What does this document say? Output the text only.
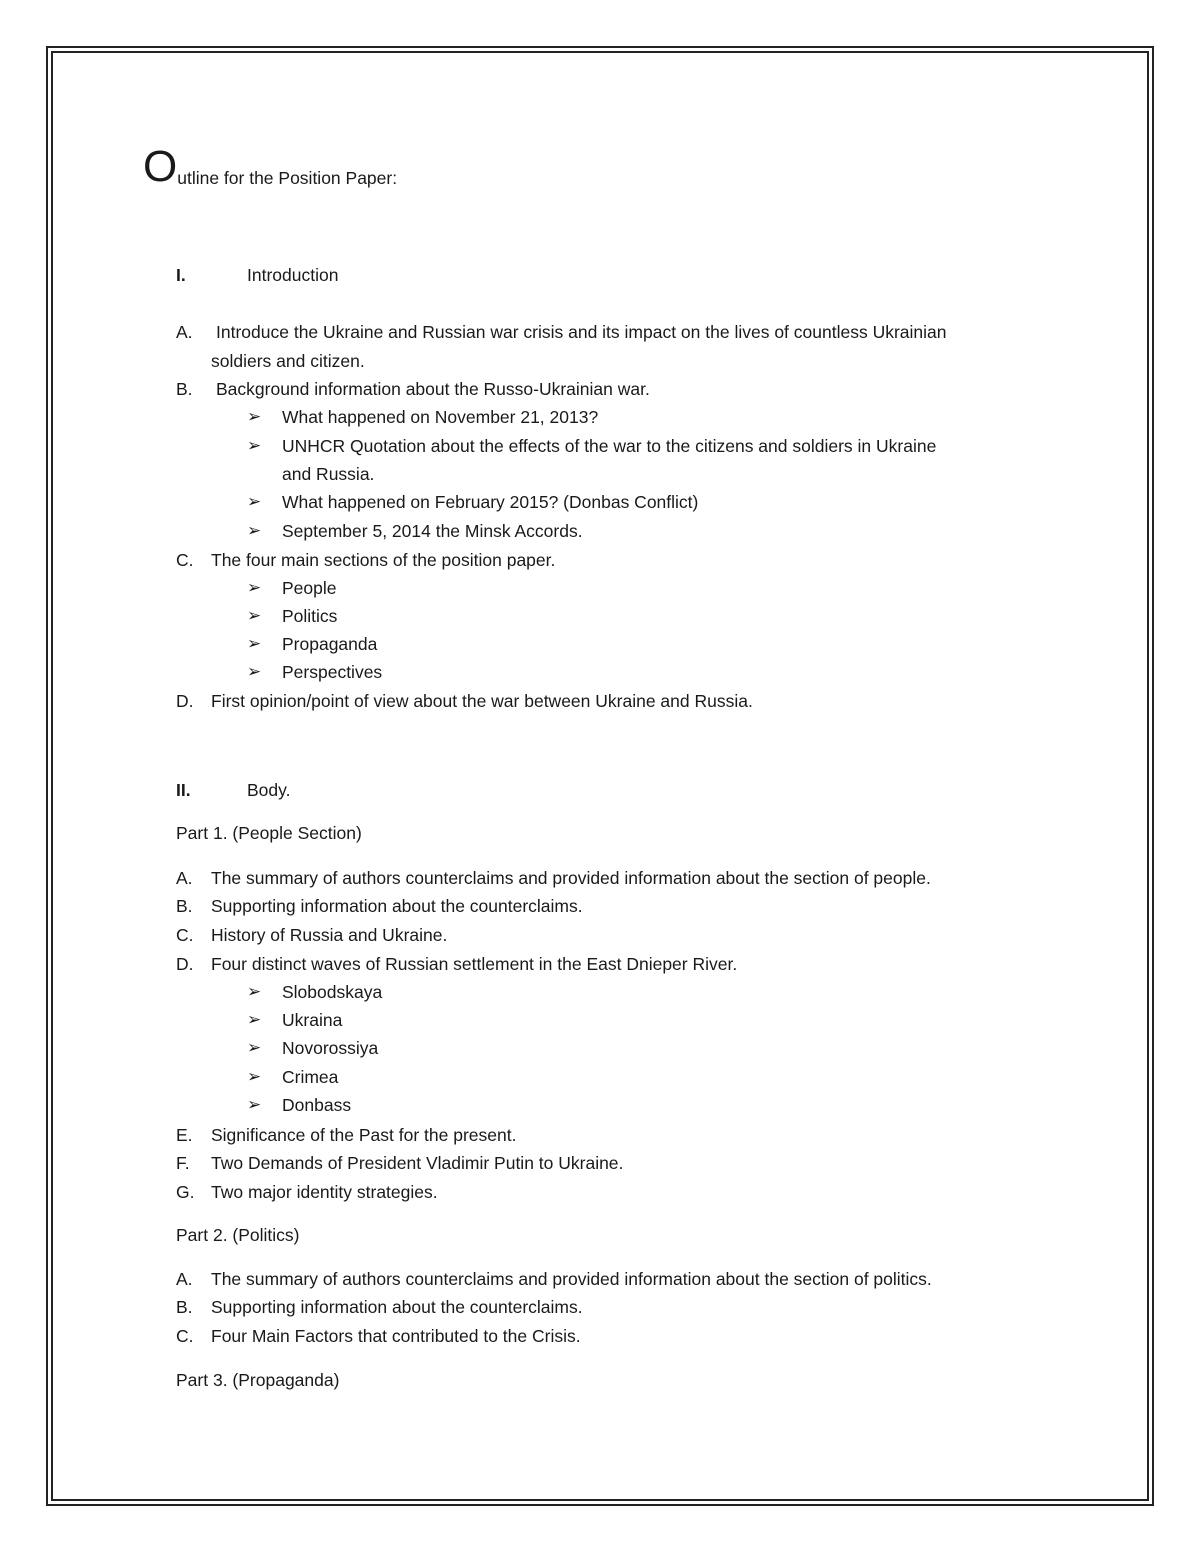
Outline for the Position Paper:
I.	Introduction
A. Introduce the Ukraine and Russian war crisis and its impact on the lives of countless Ukrainian
soldiers and citizen.
B. Background information about the Russo-Ukrainian war.
➢ What happened on November 21, 2013?
➢ UNHCR Quotation about the effects of the war to the citizens and soldiers in Ukraine
and Russia.
➢ What happened on February 2015? (Donbas Conflict)
➢ September 5, 2014 the Minsk Accords.
C. The four main sections of the position paper.
➢ People
➢ Politics
➢ Propaganda
➢ Perspectives
D. First opinion/point of view about the war between Ukraine and Russia.
II.	Body.
Part 1. (People Section)
A. The summary of authors counterclaims and provided information about the section of people.
B. Supporting information about the counterclaims.
C. History of Russia and Ukraine.
D. Four distinct waves of Russian settlement in the East Dnieper River.
➢ Slobodskaya
➢ Ukraina
➢ Novorossiya
➢ Crimea
➢ Donbass
E. Significance of the Past for the present.
F. Two Demands of President Vladimir Putin to Ukraine.
G. Two major identity strategies.
Part 2. (Politics)
A. The summary of authors counterclaims and provided information about the section of politics.
B. Supporting information about the counterclaims.
C. Four Main Factors that contributed to the Crisis.
Part 3. (Propaganda)
